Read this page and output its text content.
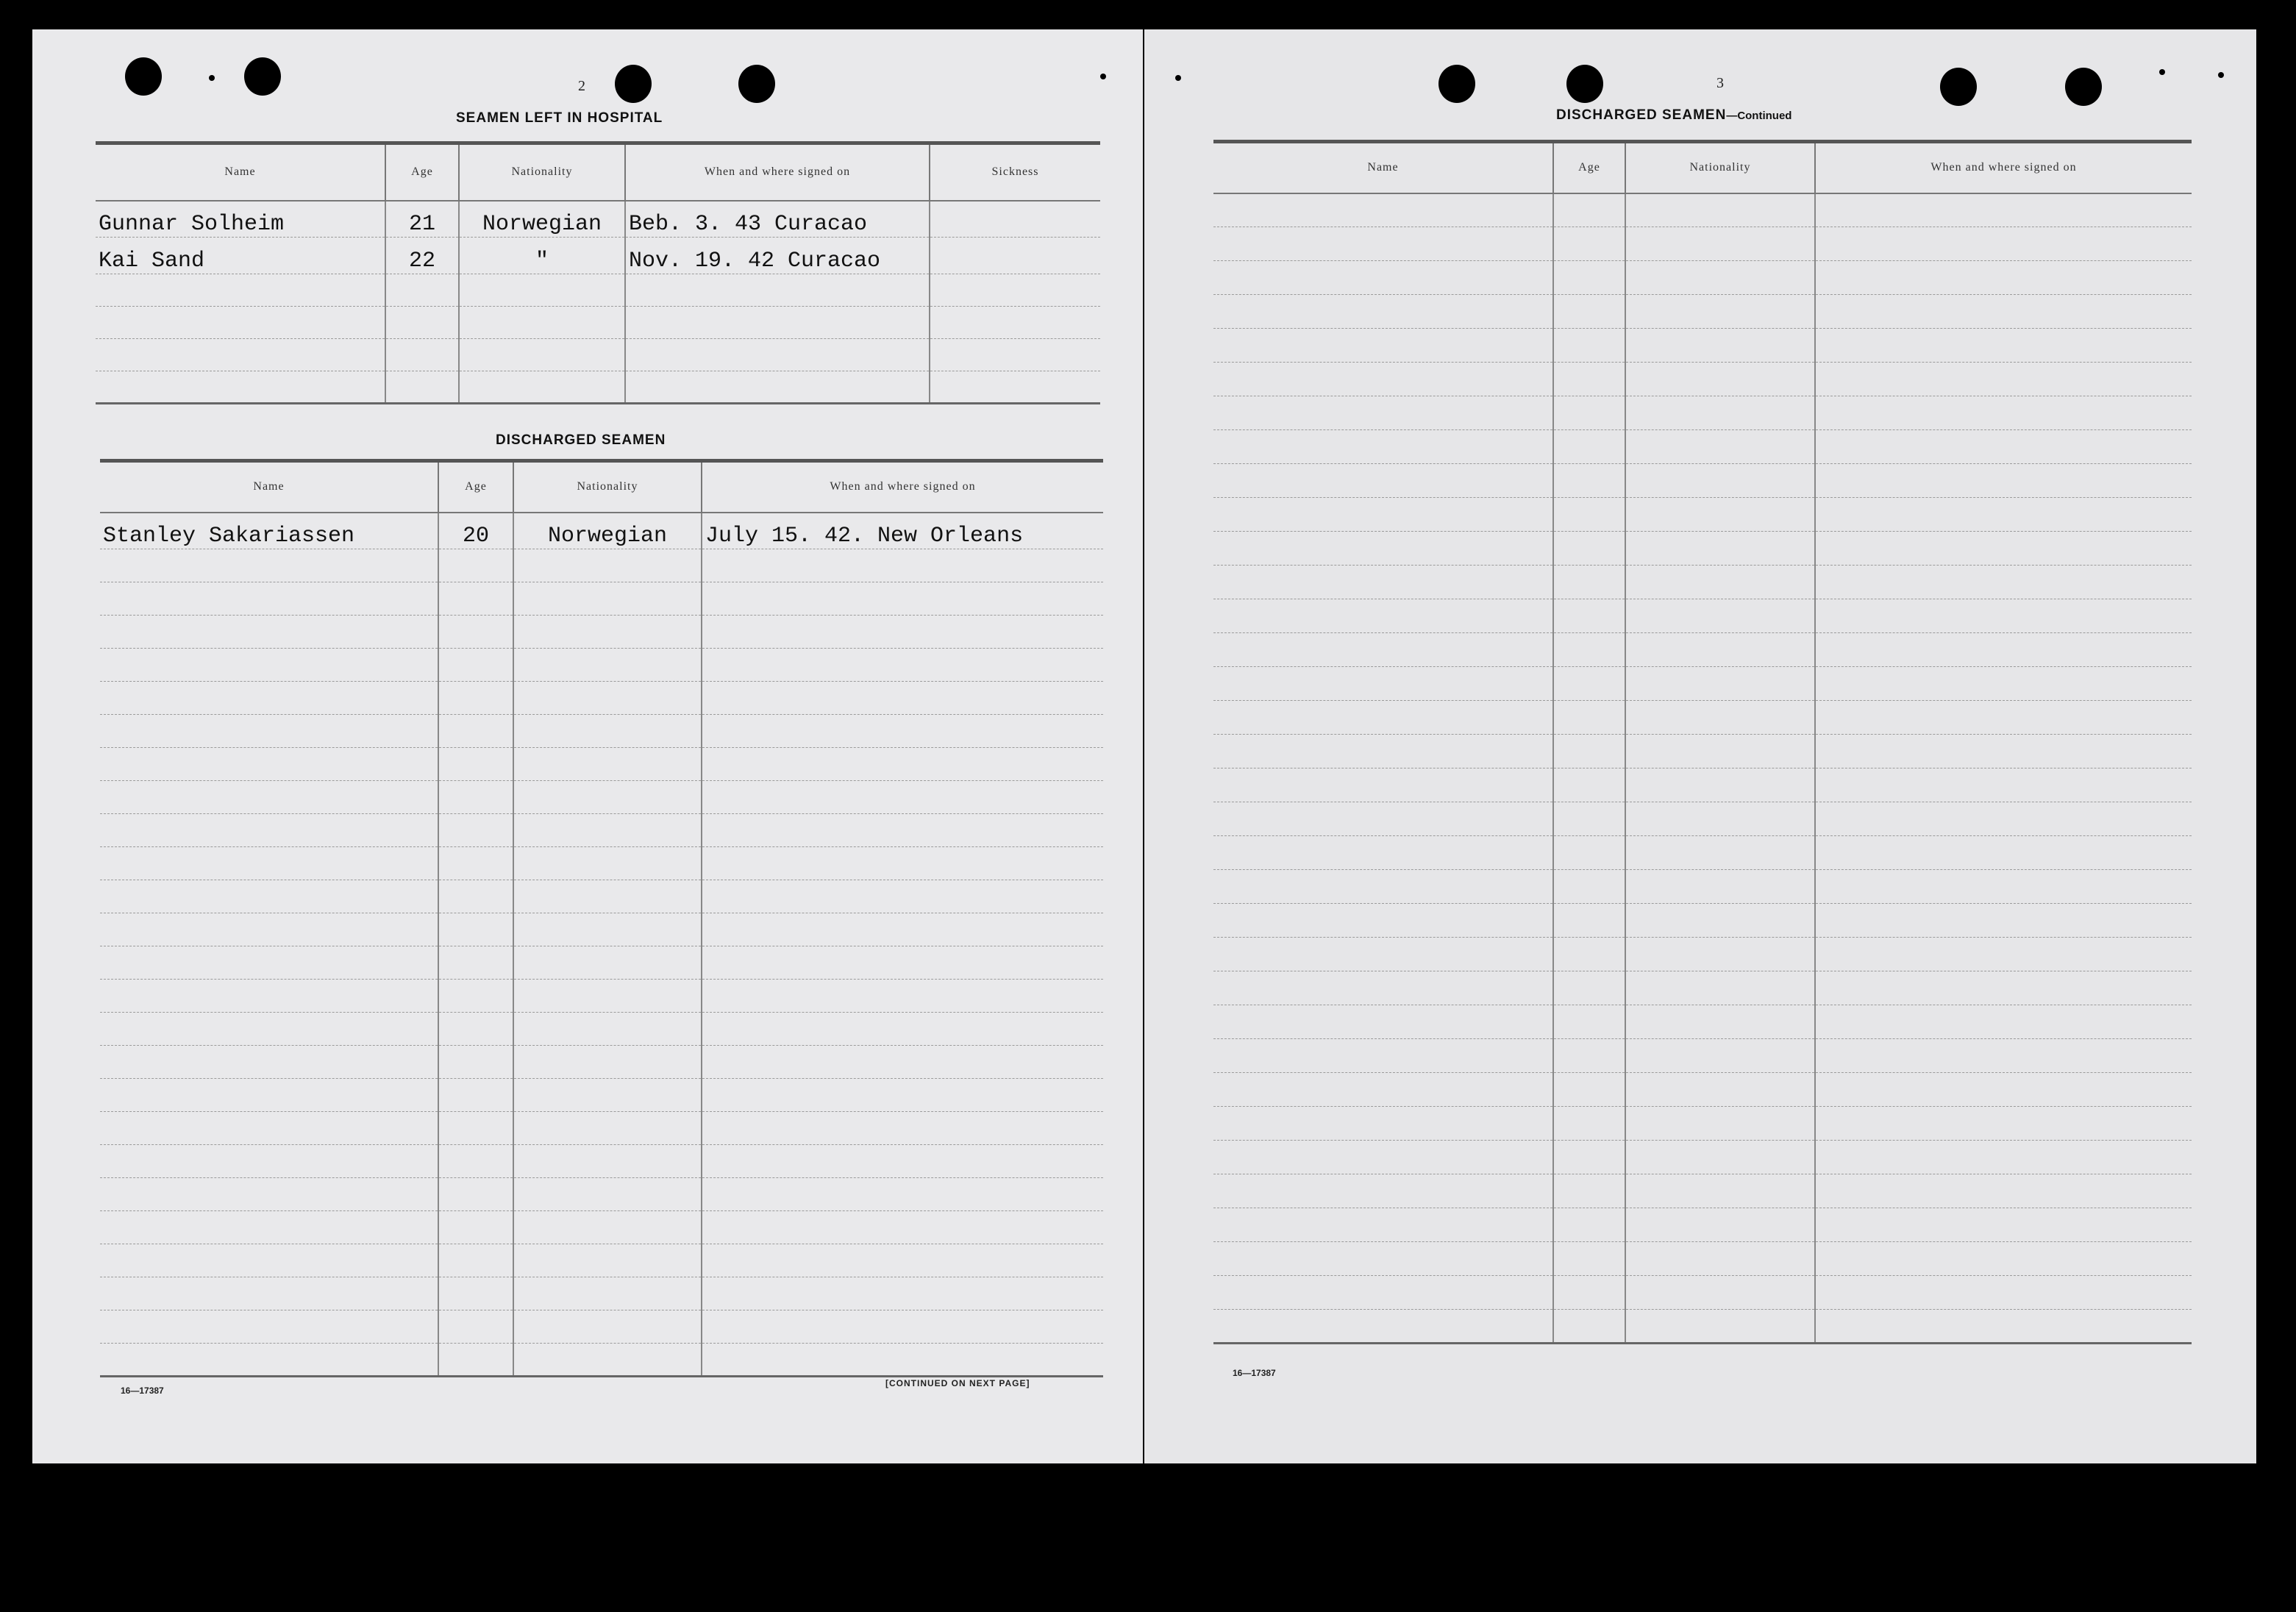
2
SEAMEN LEFT IN HOSPITAL
Name	Age	Nationality	When and where signed on	Sickness
Gunnar Solheim	21	Norwegian	Beb. 3. 43 Curacao	
Kai Sand	22	"	Nov. 19. 42 Curacao	

DISCHARGED SEAMEN
Name	Age	Nationality	When and where signed on
Stanley Sakariassen	20	Norwegian	July 15. 42. New Orleans

16—17387
[CONTINUED ON NEXT PAGE]
3
DISCHARGED SEAMEN—Continued
Name	Age	Nationality	When and where signed on

16—17387
